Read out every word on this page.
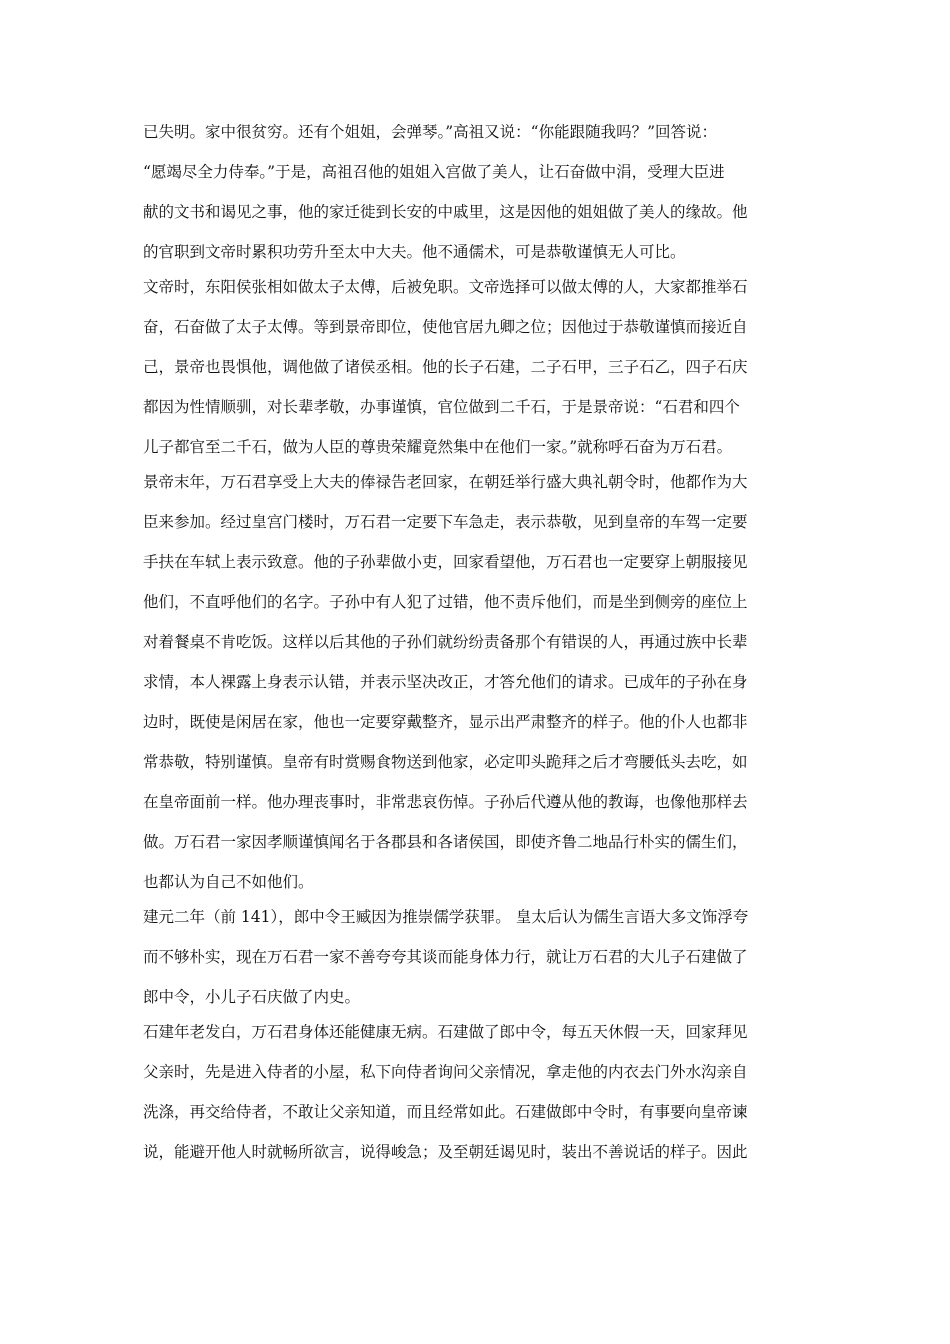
已失明。家中很贫穷。还有个姐姐，会弹琴。”高祖又说：“你能跟随我吗？”回答说：
“愿竭尽全力侍奉。”于是，高祖召他的姐姐入宫做了美人，让石奋做中涓，受理大臣进
献的文书和谒见之事，他的家迁徙到长安的中戚里，这是因他的姐姐做了美人的缘故。他
的官职到文帝时累积功劳升至太中大夫。他不通儒术，可是恭敬谨慎无人可比。
文帝时，东阳侯张相如做太子太傅，后被免职。文帝选择可以做太傅的人，大家都推举石
奋，石奋做了太子太傅。等到景帝即位，使他官居九卿之位；因他过于恭敬谨慎而接近自
己，景帝也畏惧他，调他做了诸侯丞相。他的长子石建，二子石甲，三子石乙，四子石庆
都因为性情顺驯，对长辈孝敬，办事谨慎，官位做到二千石，于是景帝说：“石君和四个
儿子都官至二千石，做为人臣的尊贵荣耀竟然集中在他们一家。”就称呼石奋为万石君。
景帝末年，万石君享受上大夫的俸禄告老回家，在朝廷举行盛大典礼朝令时，他都作为大
臣来参加。经过皇宫门楼时，万石君一定要下车急走，表示恭敬，见到皇帝的车驾一定要
手扶在车轼上表示致意。他的子孙辈做小吏，回家看望他，万石君也一定要穿上朝服接见
他们，不直呼他们的名字。子孙中有人犯了过错，他不责斥他们，而是坐到侧旁的座位上
对着餐桌不肯吃饭。这样以后其他的子孙们就纷纷责备那个有错误的人，再通过族中长辈
求情，本人裸露上身表示认错，并表示坚决改正，才答允他们的请求。已成年的子孙在身
边时，既使是闲居在家，他也一定要穿戴整齐，显示出严肃整齐的样子。他的仆人也都非
常恭敬，特别谨慎。皇帝有时赏赐食物送到他家，必定叩头跪拜之后才弯腰低头去吃，如
在皇帝面前一样。他办理丧事时，非常悲哀伤悼。子孙后代遵从他的教诲，也像他那样去
做。万石君一家因孝顺谨慎闻名于各郡县和各诸侯国，即使齐鲁二地品行朴实的儒生们，
也都认为自己不如他们。
建元二年（前 141），郎中令王臧因为推崇儒学获罪。 皇太后认为儒生言语大多文饰浮夸
而不够朴实，现在万石君一家不善夸夸其谈而能身体力行，就让万石君的大儿子石建做了
郎中令，小儿子石庆做了内史。
石建年老发白，万石君身体还能健康无病。石建做了郎中令，每五天休假一天，回家拜见
父亲时，先是进入侍者的小屋，私下向侍者询问父亲情况，拿走他的内衣去门外水沟亲自
洗涤，再交给侍者，不敢让父亲知道，而且经常如此。石建做郎中令时，有事要向皇帝谏
说，能避开他人时就畅所欲言，说得峻急；及至朝廷谒见时，装出不善说话的样子。因此
